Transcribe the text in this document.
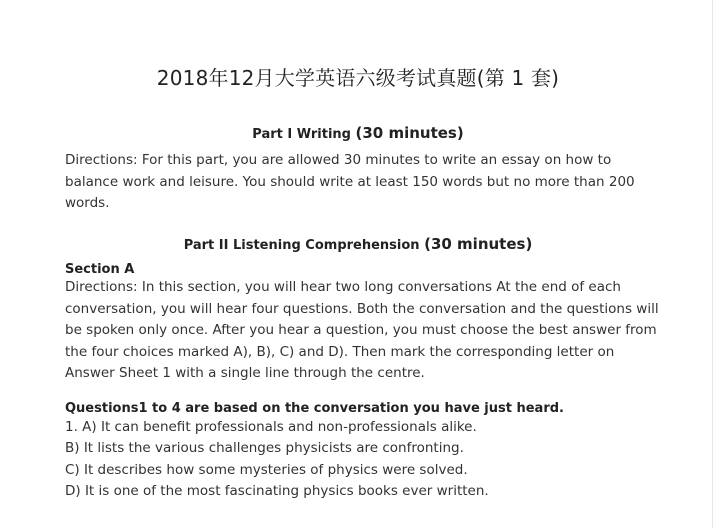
2018年12月大学英语六级考试真题(第 1 套)
Part I Writing (30 minutes)

Directions: For this part, you are allowed 30 minutes to write an essay on how to balance work and leisure. You should write at least 150 words but no more than 200 words.

Part II Listening Comprehension (30 minutes)

Section A

Directions: In this section, you will hear two long conversations At the end of each conversation, you will hear four questions. Both the conversation and the questions will be spoken only once. After you hear a question, you must choose the best answer from the four choices marked A), B), C) and D). Then mark the corresponding letter on Answer Sheet 1 with a single line through the centre.

Questions1 to 4 are based on the conversation you have just heard.

1. A) It can benefit professionals and non-professionals alike.

B) It lists the various challenges physicists are confronting.

C) It describes how some mysteries of physics were solved.

D) It is one of the most fascinating physics books ever written.
